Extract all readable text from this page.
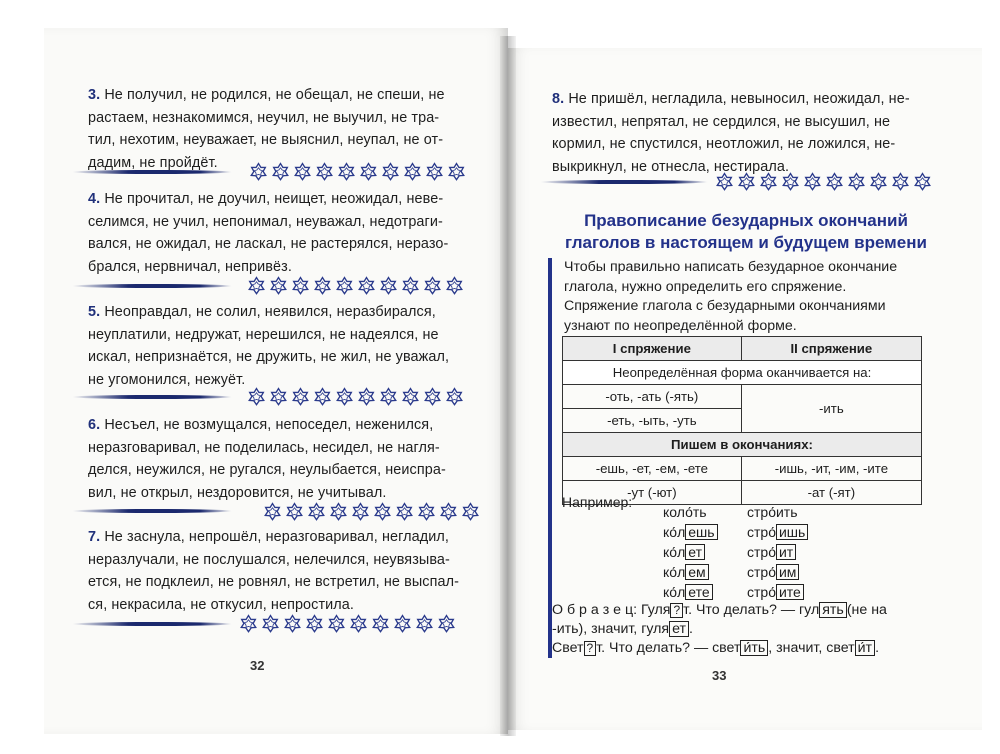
3. Не получил, не родился, не обещал, не спеши, не
растаем, незнакомимся, неучил, не выучил, не тра-
тил, нехотим, неуважает, не выяснил, неупал, не от-
дадим, не пройдёт.
4. Не прочитал, не доучил, неищет, неожидал, неве-
селимся, не учил, непонимал, неуважал, недотраги-
вался, не ожидал, не ласкал, не растерялся, неразо-
брался, нервничал, непривёз.
5. Неоправдал, не солил, неявился, неразбирался,
неуплатили, недружат, нерешился, не надеялся, не
искал, непризнаётся, не дружить, не жил, не уважал,
не угомонился, нежуёт.
6. Несъел, не возмущался, непоседел, неженился,
неразговаривал, не поделилась, несидел, не нагля-
делся, неужился, не ругался, неулыбается, неиспра-
вил, не открыл, нездоровится, не учитывал.
7. Не заснула, непрошёл, неразговаривал, негладил,
неразлучали, не послушался, нелечился, неувязыва-
ется, не подклеил, не ровнял, не встретил, не выспал-
ся, некрасила, не откусил, непростила.
32
8. Не пришёл, негладила, невыносил, неожидал, не-
известил, непрятал, не сердился, не высушил, не
кормил, не спустился, неотложил, не ложился, не-
выкрикнул, не отнесла, нестирала.
Правописание безударных окончаний
глаголов в настоящем и будущем времени
Чтобы правильно написать безударное окончание
глагола, нужно определить его спряжение.
Спряжение глагола с безударными окончаниями
узнают по неопределённой форме.
I спряжение	II спряжение
Неопределённая форма оканчивается на:	
-оть, -ать (-ять)	-ить
-еть, -ыть, -уть	
Пишем в окончаниях:	
-ешь, -ет, -ем, -ете	-ишь, -ит, -им, -ите
-ут (-ют)	-ат (-ят)
Например:
коло́ть	стро́ить
ко́л ешь	стро́ ишь
ко́л ет	стро́ ит
ко́л ем	стро́ им
ко́л ете	стро́ ите
О б р а з е ц: Гуля ? т. Что делать? — гул ять (не на
-ить), значит, гуля ет .
Свет ? т. Что делать? — свет и́ть , значит, свет и́т .
33
